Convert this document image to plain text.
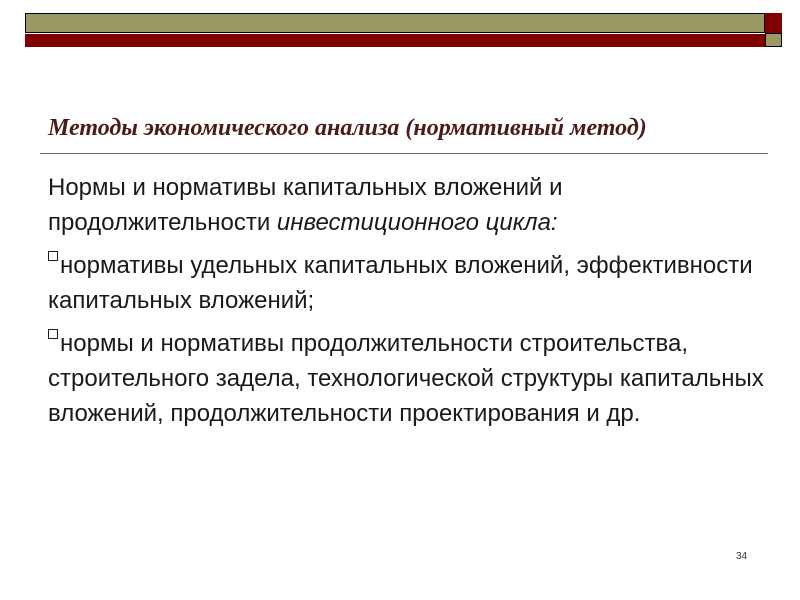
Методы экономического анализа (нормативный метод)

Нормы и нормативы капитальных вложений и продолжительности инвестиционного цикла:

нормативы удельных капитальных вложений, эффективности капитальных вложений;

нормы и нормативы продолжительности строительства, строительного задела, технологической структуры капитальных вложений, продолжительности проектирования и др.

34
